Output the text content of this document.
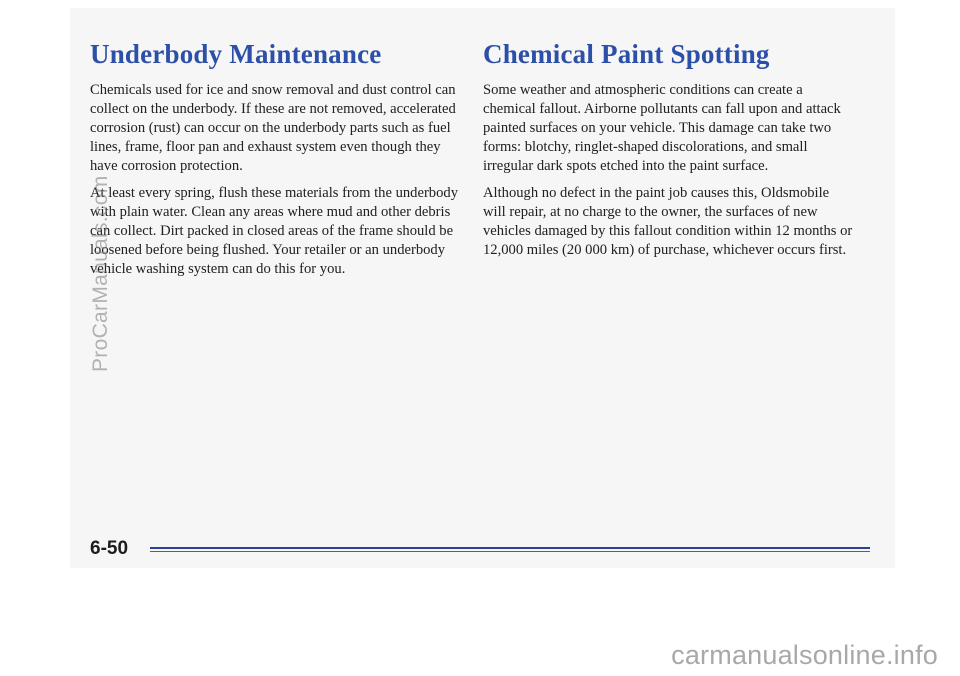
Underbody Maintenance

Chemicals used for ice and snow removal and dust control can collect on the underbody. If these are not removed, accelerated corrosion (rust) can occur on the underbody parts such as fuel lines, frame, floor pan and exhaust system even though they have corrosion protection.

At least every spring, flush these materials from the underbody with plain water. Clean any areas where mud and other debris can collect. Dirt packed in closed areas of the frame should be loosened before being flushed. Your retailer or an underbody vehicle washing system can do this for you.

Chemical Paint Spotting

Some weather and atmospheric conditions can create a chemical fallout. Airborne pollutants can fall upon and attack painted surfaces on your vehicle. This damage can take two forms: blotchy, ringlet-shaped discolorations, and small irregular dark spots etched into the paint surface.

Although no defect in the paint job causes this, Oldsmobile will repair, at no charge to the owner, the surfaces of new vehicles damaged by this fallout condition within 12 months or 12,000 miles (20 000 km) of purchase, whichever occurs first.

6-50
ProCarManuals.com
carmanualsonline.info
